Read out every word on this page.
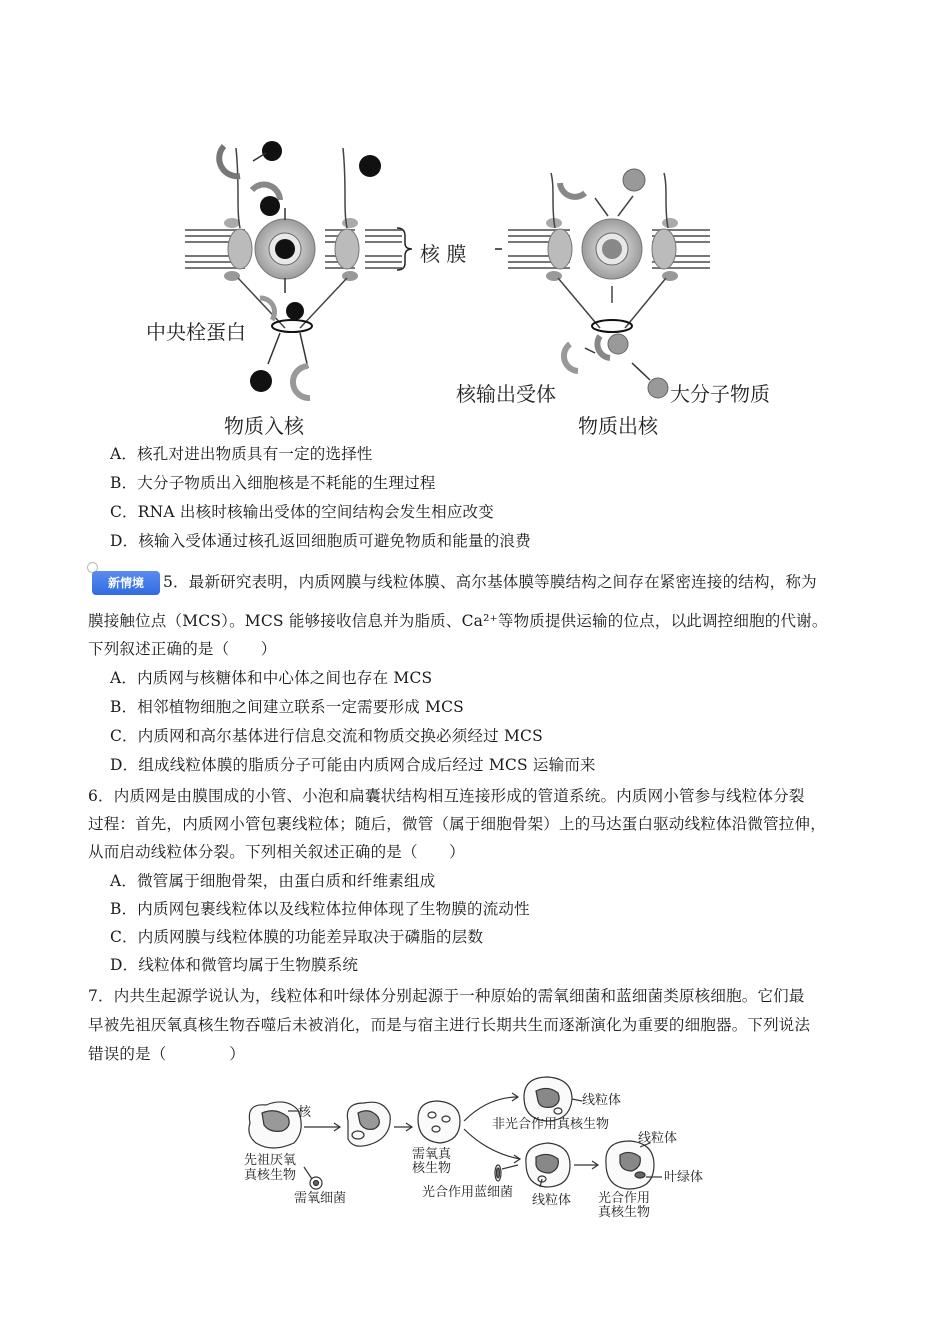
核 膜
中央栓蛋白
核输出受体	大分子物质
物质入核	物质出核
A．核孔对进出物质具有一定的选择性
B．大分子物质出入细胞核是不耗能的生理过程
C．RNA 出核时核输出受体的空间结构会发生相应改变
D．核输入受体通过核孔返回细胞质可避免物质和能量的浪费
新情境	5．最新研究表明，内质网膜与线粒体膜、高尔基体膜等膜结构之间存在紧密连接的结构，称为
膜接触位点（MCS）。MCS 能够接收信息并为脂质、Ca²⁺等物质提供运输的位点，以此调控细胞的代谢。
下列叙述正确的是（　　）
A．内质网与核糖体和中心体之间也存在 MCS
B．相邻植物细胞之间建立联系一定需要形成 MCS
C．内质网和高尔基体进行信息交流和物质交换必须经过 MCS
D．组成线粒体膜的脂质分子可能由内质网合成后经过 MCS 运输而来
6．内质网是由膜围成的小管、小泡和扁囊状结构相互连接形成的管道系统。内质网小管参与线粒体分裂
过程：首先，内质网小管包裹线粒体；随后，微管（属于细胞骨架）上的马达蛋白驱动线粒体沿微管拉伸，
从而启动线粒体分裂。下列相关叙述正确的是（　　）
A．微管属于细胞骨架，由蛋白质和纤维素组成
B．内质网包裹线粒体以及线粒体拉伸体现了生物膜的流动性
C．内质网膜与线粒体膜的功能差异取决于磷脂的层数
D．线粒体和微管均属于生物膜系统
7．内共生起源学说认为，线粒体和叶绿体分别起源于一种原始的需氧细菌和蓝细菌类原核细胞。它们最
早被先祖厌氧真核生物吞噬后未被消化，而是与宿主进行长期共生而逐渐演化为重要的细胞器。下列说法
错误的是（　　　　）
核
先祖厌氧
真核生物
需氧细菌
需氧真
核生物
线粒体
非光合作用真核生物
光合作用蓝细菌
线粒体
线粒体
叶绿体
光合作用
真核生物
